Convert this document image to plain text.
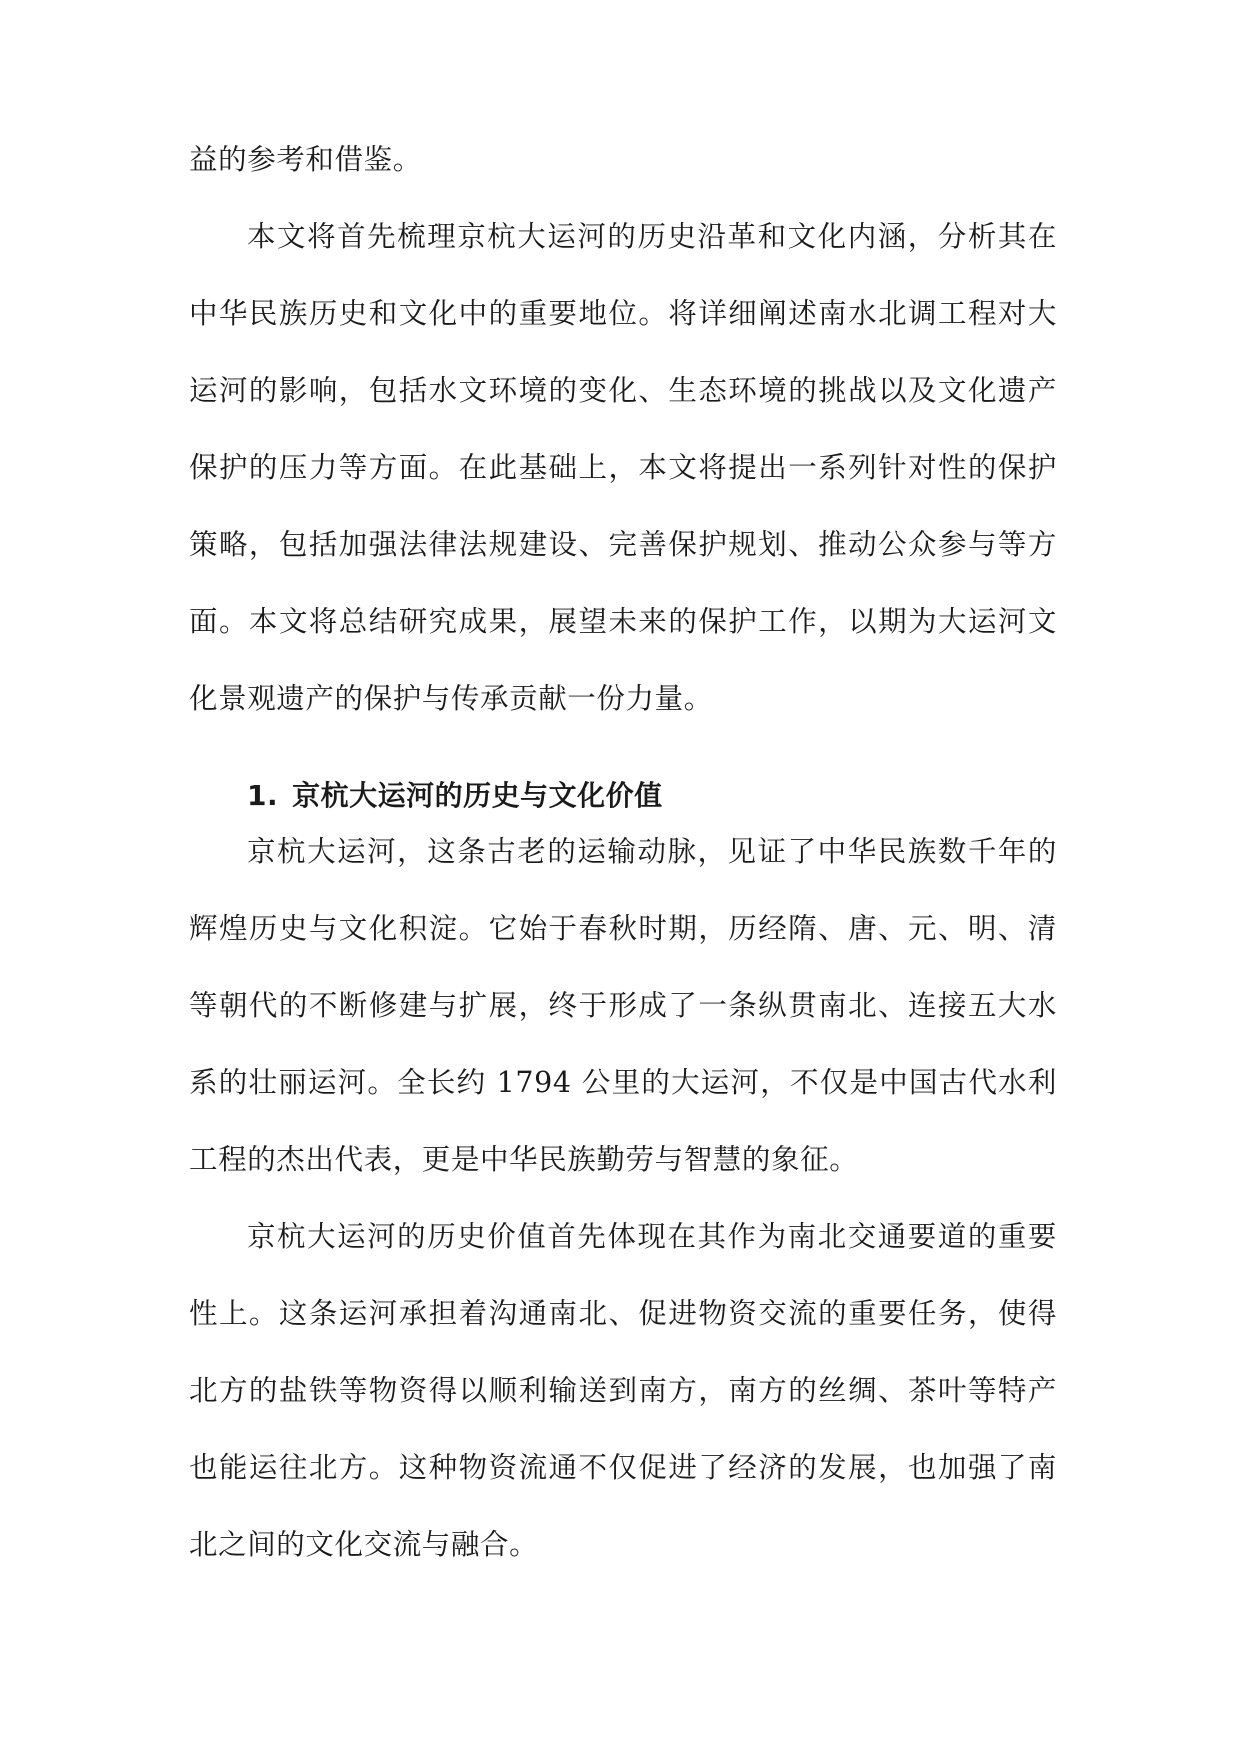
益的参考和借鉴。

本文将首先梳理京杭大运河的历史沿革和文化内涵，分析其在中华民族历史和文化中的重要地位。将详细阐述南水北调工程对大运河的影响，包括水文环境的变化、生态环境的挑战以及文化遗产保护的压力等方面。在此基础上，本文将提出一系列针对性的保护策略，包括加强法律法规建设、完善保护规划、推动公众参与等方面。本文将总结研究成果，展望未来的保护工作，以期为大运河文化景观遗产的保护与传承贡献一份力量。

1. 京杭大运河的历史与文化价值

京杭大运河，这条古老的运输动脉，见证了中华民族数千年的辉煌历史与文化积淀。它始于春秋时期，历经隋、唐、元、明、清等朝代的不断修建与扩展，终于形成了一条纵贯南北、连接五大水系的壮丽运河。全长约 1794 公里的大运河，不仅是中国古代水利工程的杰出代表，更是中华民族勤劳与智慧的象征。

京杭大运河的历史价值首先体现在其作为南北交通要道的重要性上。这条运河承担着沟通南北、促进物资交流的重要任务，使得北方的盐铁等物资得以顺利输送到南方，南方的丝绸、茶叶等特产也能运往北方。这种物资流通不仅促进了经济的发展，也加强了南北之间的文化交流与融合。
